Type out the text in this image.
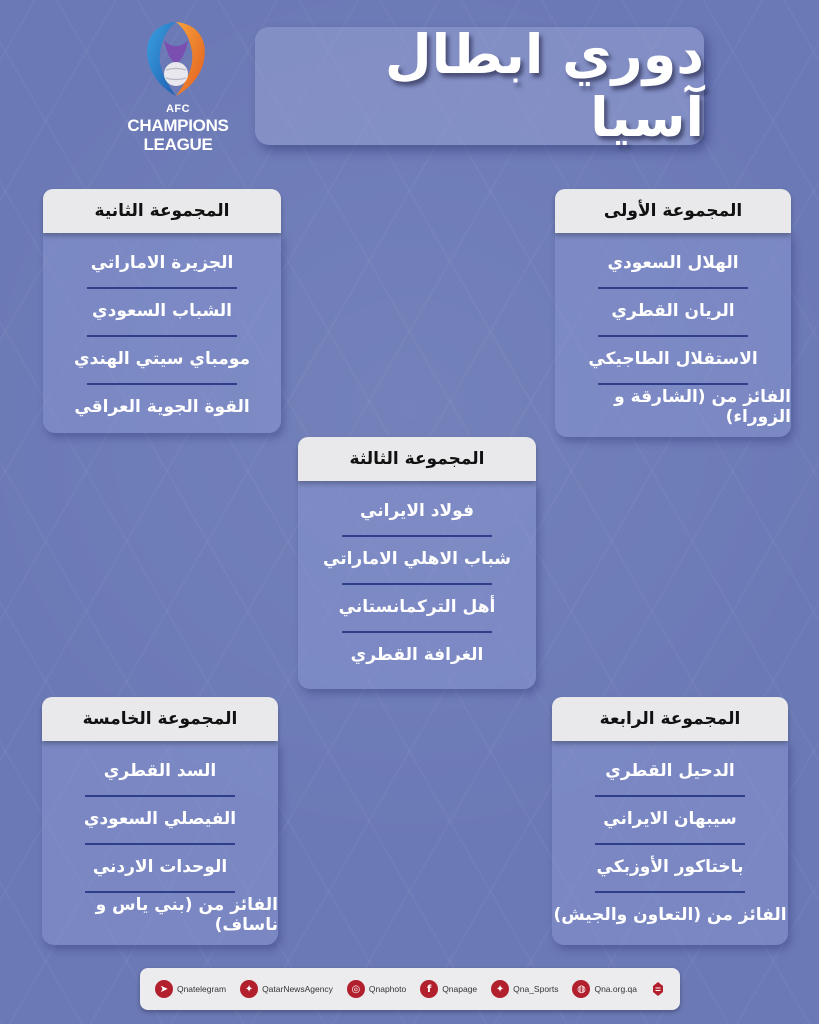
AFC
CHAMPIONS
LEAGUE
دوري ابطال آسيا
المجموعة الأولى
الهلال السعودي
الريان القطري
الاستقلال الطاجيكي
الفائز من (الشارقة و الزوراء)
المجموعة الثانية
الجزيرة الاماراتي
الشباب السعودي
مومباي سيتي الهندي
القوة الجوية العراقي
المجموعة الثالثة
فولاد الايراني
شباب الاهلي الاماراتي
أهل التركمانستاني
الغرافة القطري
المجموعة الرابعة
الدحيل القطري
سيبهان الايراني
باختاكور الأوزبكي
الفائز من (التعاون والجيش)
المجموعة الخامسة
السد القطري
الفيصلي السعودي
الوحدات الاردني
الفائز من (بني ياس و ناساف)
➤	Qnatelegram	✦	QatarNewsAgency	◎	Qnaphoto	f	Qnapage	✦	Qna_Sports	◍	Qna.org.qa
